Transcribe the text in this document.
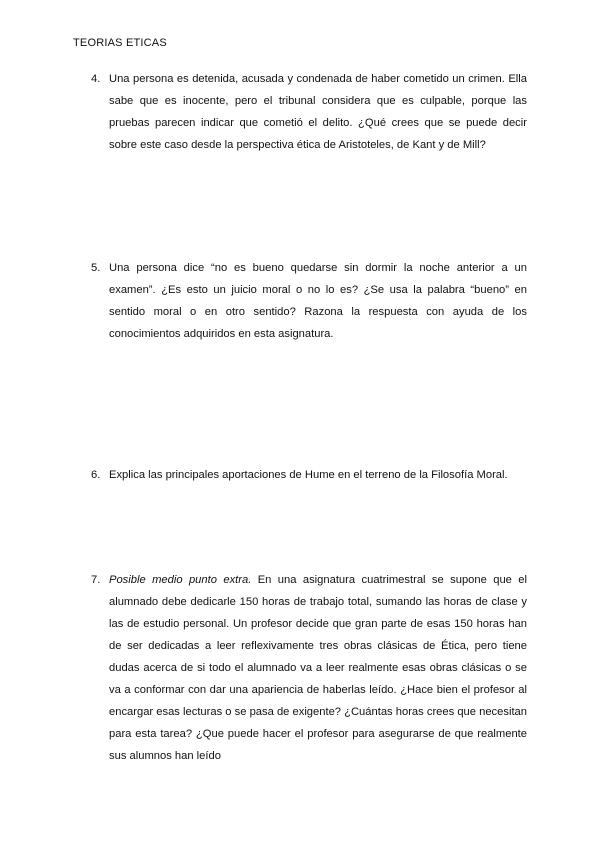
TEORIAS ETICAS
4. Una persona es detenida, acusada y condenada de haber cometido un crimen. Ella sabe que es inocente, pero el tribunal considera que es culpable, porque las pruebas parecen indicar que cometió el delito. ¿Qué crees que se puede decir sobre este caso desde la perspectiva ética de Aristoteles, de Kant y de Mill?
5. Una persona dice “no es bueno quedarse sin dormir la noche anterior a un examen”. ¿Es esto un juicio moral o no lo es? ¿Se usa la palabra “bueno” en sentido moral o en otro sentido? Razona la respuesta con ayuda de los conocimientos adquiridos en esta asignatura.
6. Explica las principales aportaciones de Hume en el terreno de la Filosofía Moral.
7. Posible medio punto extra. En una asignatura cuatrimestral se supone que el alumnado debe dedicarle 150 horas de trabajo total, sumando las horas de clase y las de estudio personal. Un profesor decide que gran parte de esas 150 horas han de ser dedicadas a leer reflexivamente tres obras clásicas de Ética, pero tiene dudas acerca de si todo el alumnado va a leer realmente esas obras clásicas o se va a conformar con dar una apariencia de haberlas leído. ¿Hace bien el profesor al encargar esas lecturas o se pasa de exigente? ¿Cuántas horas crees que necesitan para esta tarea? ¿Que puede hacer el profesor para asegurarse de que realmente sus alumnos han leído
